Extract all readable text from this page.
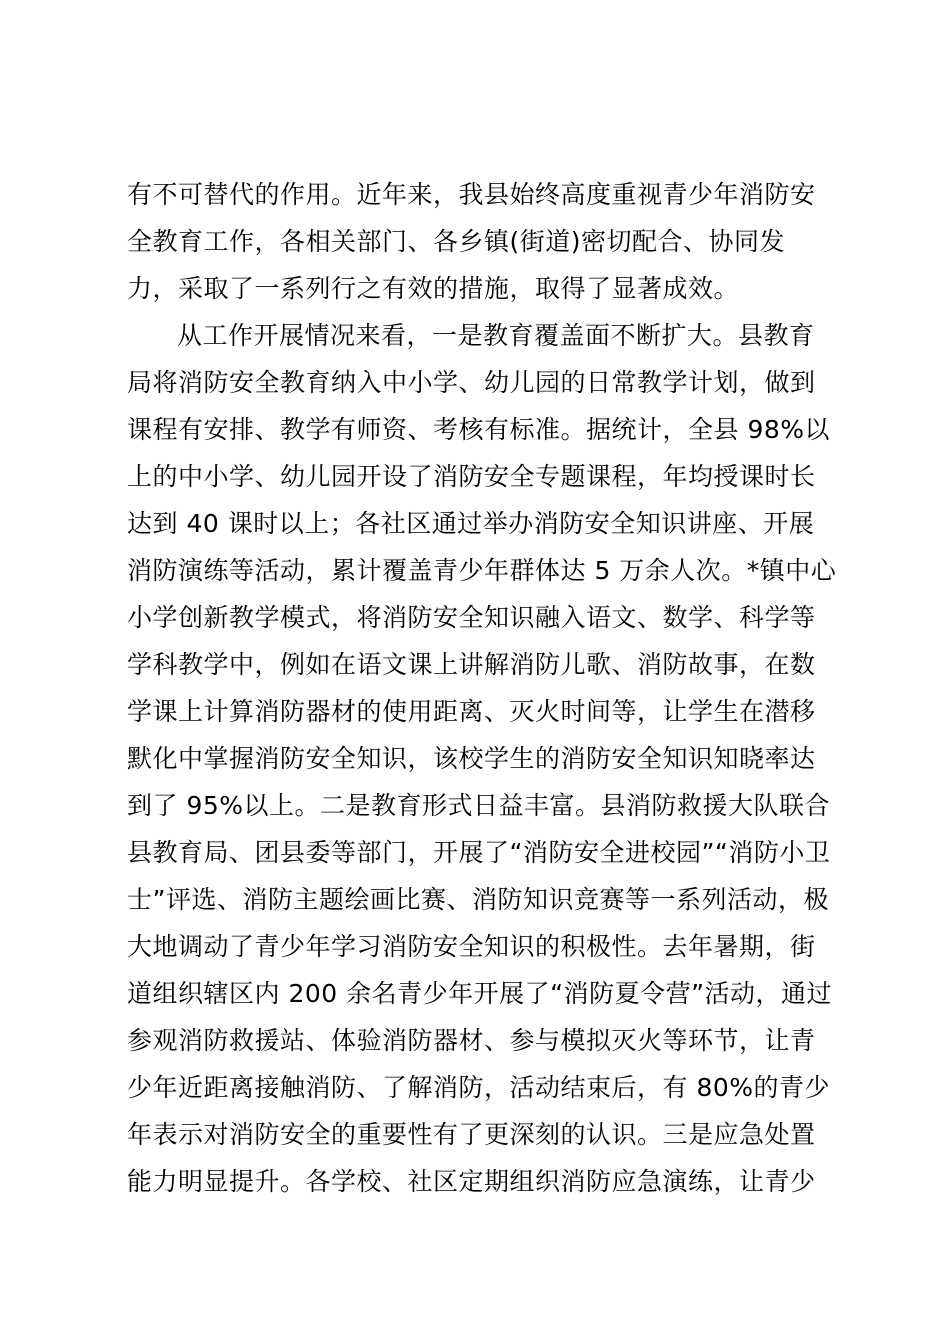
有不可替代的作用。近年来，我县始终高度重视青少年消防安
全教育工作，各相关部门、各乡镇(街道)密切配合、协同发
力，采取了一系列行之有效的措施，取得了显著成效。
从工作开展情况来看，一是教育覆盖面不断扩大。县教育
局将消防安全教育纳入中小学、幼儿园的日常教学计划，做到
课程有安排、教学有师资、考核有标准。据统计，全县 98%以
上的中小学、幼儿园开设了消防安全专题课程，年均授课时长
达到 40 课时以上；各社区通过举办消防安全知识讲座、开展
消防演练等活动，累计覆盖青少年群体达 5 万余人次。*镇中心
小学创新教学模式，将消防安全知识融入语文、数学、科学等
学科教学中，例如在语文课上讲解消防儿歌、消防故事，在数
学课上计算消防器材的使用距离、灭火时间等，让学生在潜移
默化中掌握消防安全知识，该校学生的消防安全知识知晓率达
到了 95%以上。二是教育形式日益丰富。县消防救援大队联合
县教育局、团县委等部门，开展了“消防安全进校园”“消防小卫
士”评选、消防主题绘画比赛、消防知识竞赛等一系列活动，极
大地调动了青少年学习消防安全知识的积极性。去年暑期，街
道组织辖区内 200 余名青少年开展了“消防夏令营”活动，通过
参观消防救援站、体验消防器材、参与模拟灭火等环节，让青
少年近距离接触消防、了解消防，活动结束后，有 80%的青少
年表示对消防安全的重要性有了更深刻的认识。三是应急处置
能力明显提升。各学校、社区定期组织消防应急演练，让青少
